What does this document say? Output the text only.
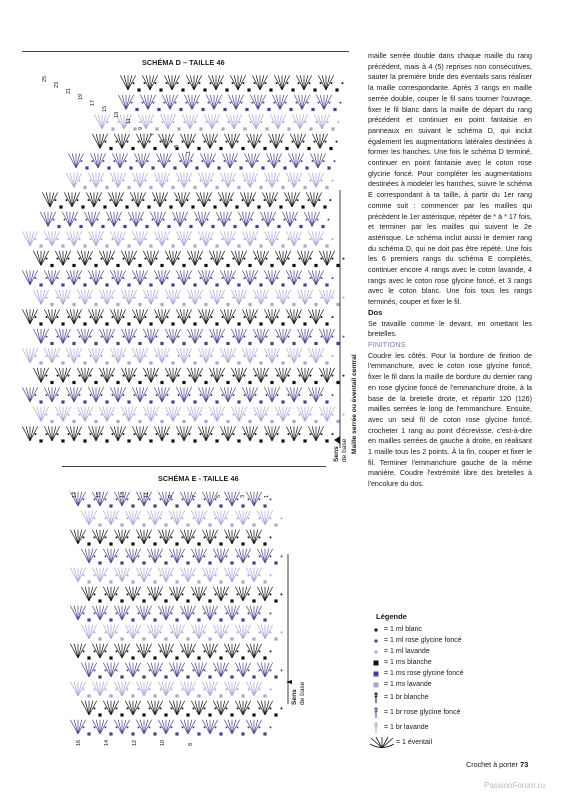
SCHÉMA D – TAILLE 46
25
23
21
19
17
15
13
11
9
7
5
3
1
Maille serrée ou éventail central
Sens de base
SCHÉMA E - TAILLE 46
17	15	13	11	9	7	5	3	1
16	14	12	10	8
Sens de base

maille serrée double dans chaque maille du rang précédent, mais à 4 (5) reprises non consécutives, sauter la première bride des éventails sans réaliser la maille correspondante. Après 3 rangs en maille serrée double, couper le fil sans tourner l'ouvrage, fixer le fil blanc dans la maille de départ du rang précédent et continuer en point fantaisie en panneaux en suivant le schéma D, qui inclut également les augmentations latérales destinées à former les hanches. Une fois le schéma D terminé, continuer en point fantaisie avec le coton rose glycine foncé. Pour compléter les augmentations destinées à modeler les hanches, suivre le schéma E correspondant à ta taille, à partir du 1er rang comme suit : commencer par les mailles qui précèdent le 1er astérisque, répéter de * à * 17 fois, et terminer par les mailles qui suivent le 2e astérisque. Le schéma inclut aussi le dernier rang du schéma D, qui ne doit pas être répété. Une fois les 6 premiers rangs du schéma E complétés, continuer encore 4 rangs avec le coton lavande, 4 rangs avec le coton rose glycine foncé, et 3 rangs avec le coton blanc. Une fois tous les rangs terminés, couper et fixer le fil.

Dos

Se travaille comme le devant, en omettant les bretelles.

FINITIONS

Coudre les côtés. Pour la bordure de finition de l'emmanchure, avec le coton rose glycine foncé, fixer le fil dans la maille de bordure du dernier rang en rose glycine foncé de l'emmanchure droite, à la base de la bretelle droite, et répartir 120 (126) mailles serrées le long de l'emmanchure. Ensuite, avec un seul fil de coton rose glycine foncé, crocheter 1 rang au point d'écrevisse, c'est-à-dire en mailles serrées de gauche à droite, en réalisant 1 maille tous les 2 points. À la fin, couper et fixer le fil. Terminer l'emmanchure gauche de la même manière. Coudre l'extrémité libre des bretelles à l'encolure du dos.

Légende
= 1 ml blanc
= 1 ml rose glycine foncé
= 1 ml lavande
= 1 ms blanche
= 1 ms rose glycine foncé
= 1 ms lavande
= 1 br blanche
= 1 br rose glycine foncé
= 1 br lavande
= 1 éventail
Crochet à porter 73
PassionForum.ru
